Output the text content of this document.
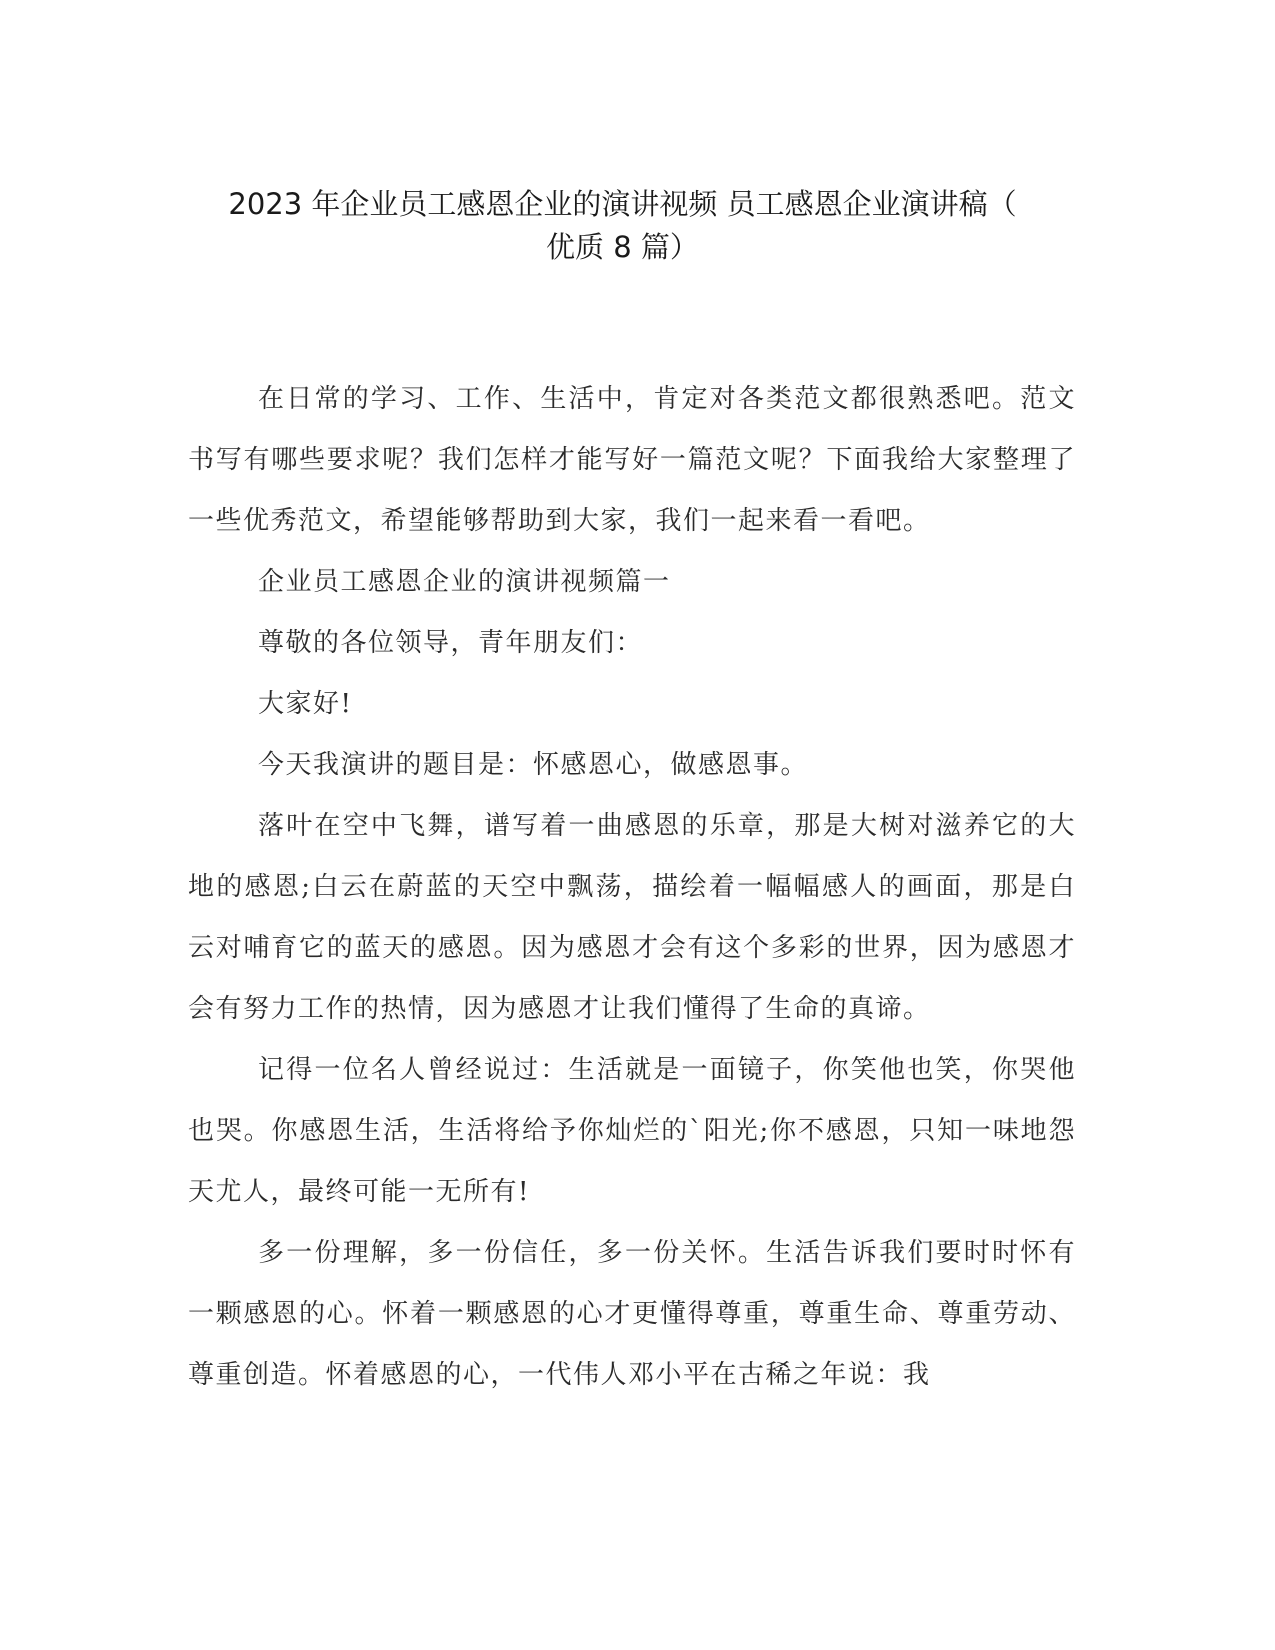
2023 年企业员工感恩企业的演讲视频 员工感恩企业演讲稿（
优质 8 篇）

在日常的学习、工作、生活中，肯定对各类范文都很熟悉吧。范文书写有哪些要求呢？我们怎样才能写好一篇范文呢？下面我给大家整理了一些优秀范文，希望能够帮助到大家，我们一起来看一看吧。

企业员工感恩企业的演讲视频篇一

尊敬的各位领导，青年朋友们：

大家好!

今天我演讲的题目是：怀感恩心，做感恩事。

落叶在空中飞舞，谱写着一曲感恩的乐章，那是大树对滋养它的大地的感恩;白云在蔚蓝的天空中飘荡，描绘着一幅幅感人的画面，那是白云对哺育它的蓝天的感恩。因为感恩才会有这个多彩的世界，因为感恩才会有努力工作的热情，因为感恩才让我们懂得了生命的真谛。

记得一位名人曾经说过：生活就是一面镜子，你笑他也笑，你哭他也哭。你感恩生活，生活将给予你灿烂的`阳光;你不感恩，只知一味地怨天尤人，最终可能一无所有!

多一份理解，多一份信任，多一份关怀。生活告诉我们要时时怀有一颗感恩的心。怀着一颗感恩的心才更懂得尊重，尊重生命、尊重劳动、尊重创造。怀着感恩的心，一代伟人邓小平在古稀之年说：我
